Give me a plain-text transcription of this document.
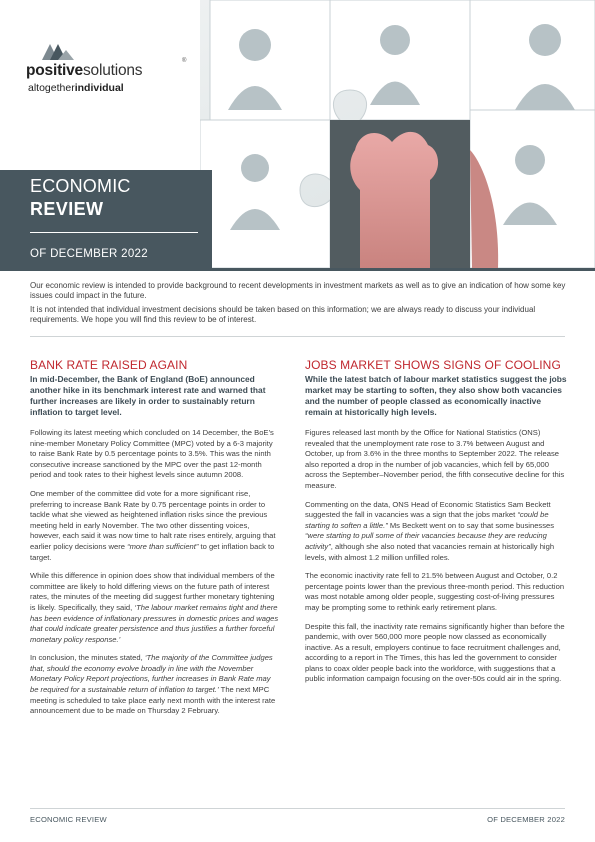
positivesolutions
®
altogetherindividual
ECONOMIC
REVIEW
OF DECEMBER 2022

Our economic review is intended to provide background to recent developments in investment markets as well as to give an indication of how some key issues could impact in the future.

It is not intended that individual investment decisions should be taken based on this information; we are always ready to discuss your individual requirements. We hope you will find this review to be of interest.

BANK RATE RAISED AGAIN
In mid-December, the Bank of England (BoE) announced another hike in its benchmark interest rate and warned that further increases are likely in order to sustainably return inflation to target level.

Following its latest meeting which concluded on 14 December, the BoE’s nine-member Monetary Policy Committee (MPC) voted by a 6-3 majority to raise Bank Rate by 0.5 percentage points to 3.5%. This was the ninth consecutive increase sanctioned by the MPC over the past 12-month period and took rates to their highest levels since autumn 2008.

One member of the committee did vote for a more significant rise, preferring to increase Bank Rate by 0.75 percentage points in order to tackle what she viewed as heightened inflation risks since the previous meeting held in early November. The two other dissenting voices, however, each said it was now time to halt rate rises entirely, arguing that earlier policy decisions were “more than sufficient” to get inflation back to target.

While this difference in opinion does show that individual members of the committee are likely to hold differing views on the future path of interest rates, the minutes of the meeting did suggest further monetary tightening is likely. Specifically, they said, ‘The labour market remains tight and there has been evidence of inflationary pressures in domestic prices and wages that could indicate greater persistence and thus justifies a further forceful monetary policy response.’

In conclusion, the minutes stated, ‘The majority of the Committee judges that, should the economy evolve broadly in line with the November Monetary Policy Report projections, further increases in Bank Rate may be required for a sustainable return of inflation to target.’ The next MPC meeting is scheduled to take place early next month with the interest rate announcement due to be made on Thursday 2 February.

JOBS MARKET SHOWS SIGNS OF COOLING
While the latest batch of labour market statistics suggest the jobs market may be starting to soften, they also show both vacancies and the number of people classed as economically inactive remain at historically high levels.

Figures released last month by the Office for National Statistics (ONS) revealed that the unemployment rate rose to 3.7% between August and October, up from 3.6% in the three months to September 2022. The release also reported a drop in the number of job vacancies, which fell by 65,000 across the September–November period, the fifth consecutive decline for this measure.

Commenting on the data, ONS Head of Economic Statistics Sam Beckett suggested the fall in vacancies was a sign that the jobs market “could be starting to soften a little.” Ms Beckett went on to say that some businesses “were starting to pull some of their vacancies because they are reducing activity”, although she also noted that vacancies remain at historically high levels, with almost 1.2 million unfilled roles.

The economic inactivity rate fell to 21.5% between August and October, 0.2 percentage points lower than the previous three-month period. This reduction was most notable among older people, suggesting cost-of-living pressures may be prompting some to rethink early retirement plans.

Despite this fall, the inactivity rate remains significantly higher than before the pandemic, with over 560,000 more people now classed as economically inactive. As a result, employers continue to face recruitment challenges and, according to a report in The Times, this has led the government to consider plans to coax older people back into the workforce, with suggestions that a public information campaign focusing on the over-50s could air in the spring.

ECONOMIC REVIEW	OF DECEMBER 2022
